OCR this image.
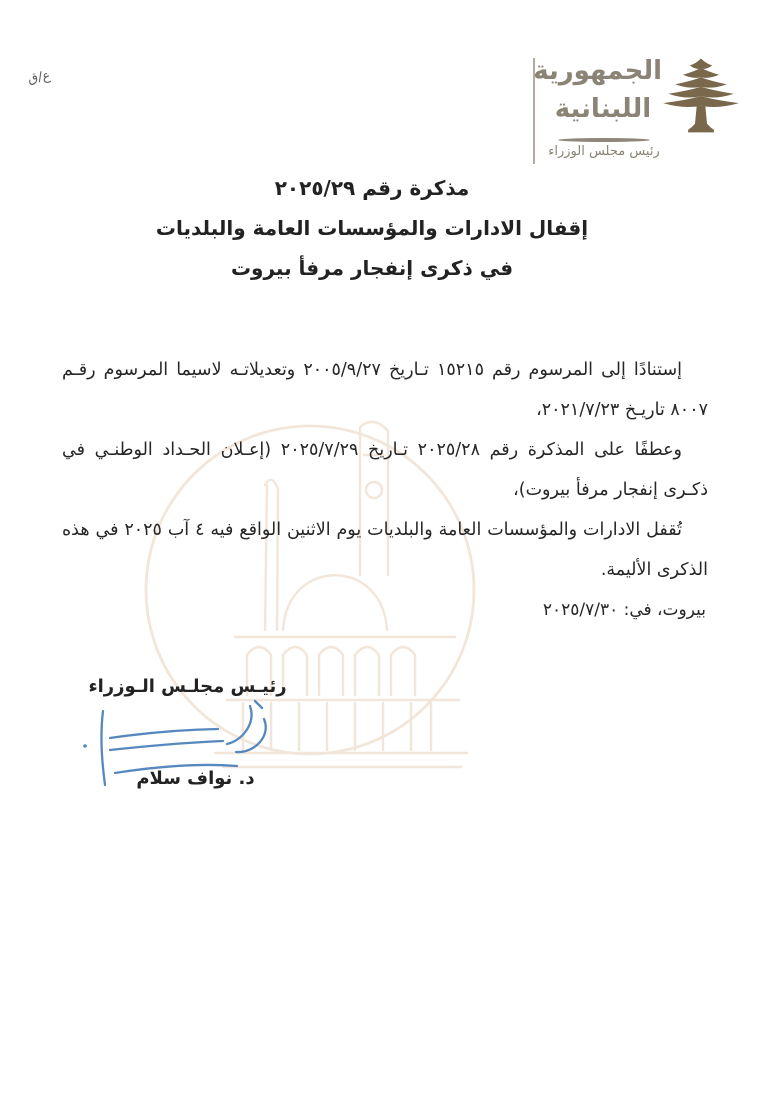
ع/ق	الجمهورية
اللبنانية
رئيس مجلس الوزراء
مذكرة رقم ٢٠٢٥/٢٩
إقفال الادارات والمؤسسات العامة والبلديات
في ذكرى إنفجار مرفأ بيروت

إستنادًا إلى المرسوم رقم ١٥٢١٥ تـاريخ ٢٠٠٥/٩/٢٧ وتعديلاتـه لاسيما المرسوم رقـم ٨٠٠٧ تاريـخ ٢٠٢١/٧/٢٣،

وعطفًا على المذكرة رقم ٢٠٢٥/٢٨ تـاريخ ٢٠٢٥/٧/٢٩ (إعـلان الحـداد الوطنـي في ذكـرى إنفجار مرفأ بيروت)،

تُقفل الادارات والمؤسسات العامة والبلديات يوم الاثنين الواقع فيه ٤ آب ٢٠٢٥ في هذه الذكرى الأليمة.

بيروت، في: ٢٠٢٥/٧/٣٠
رئيـس مجلـس الـوزراء
د. نواف سلام
